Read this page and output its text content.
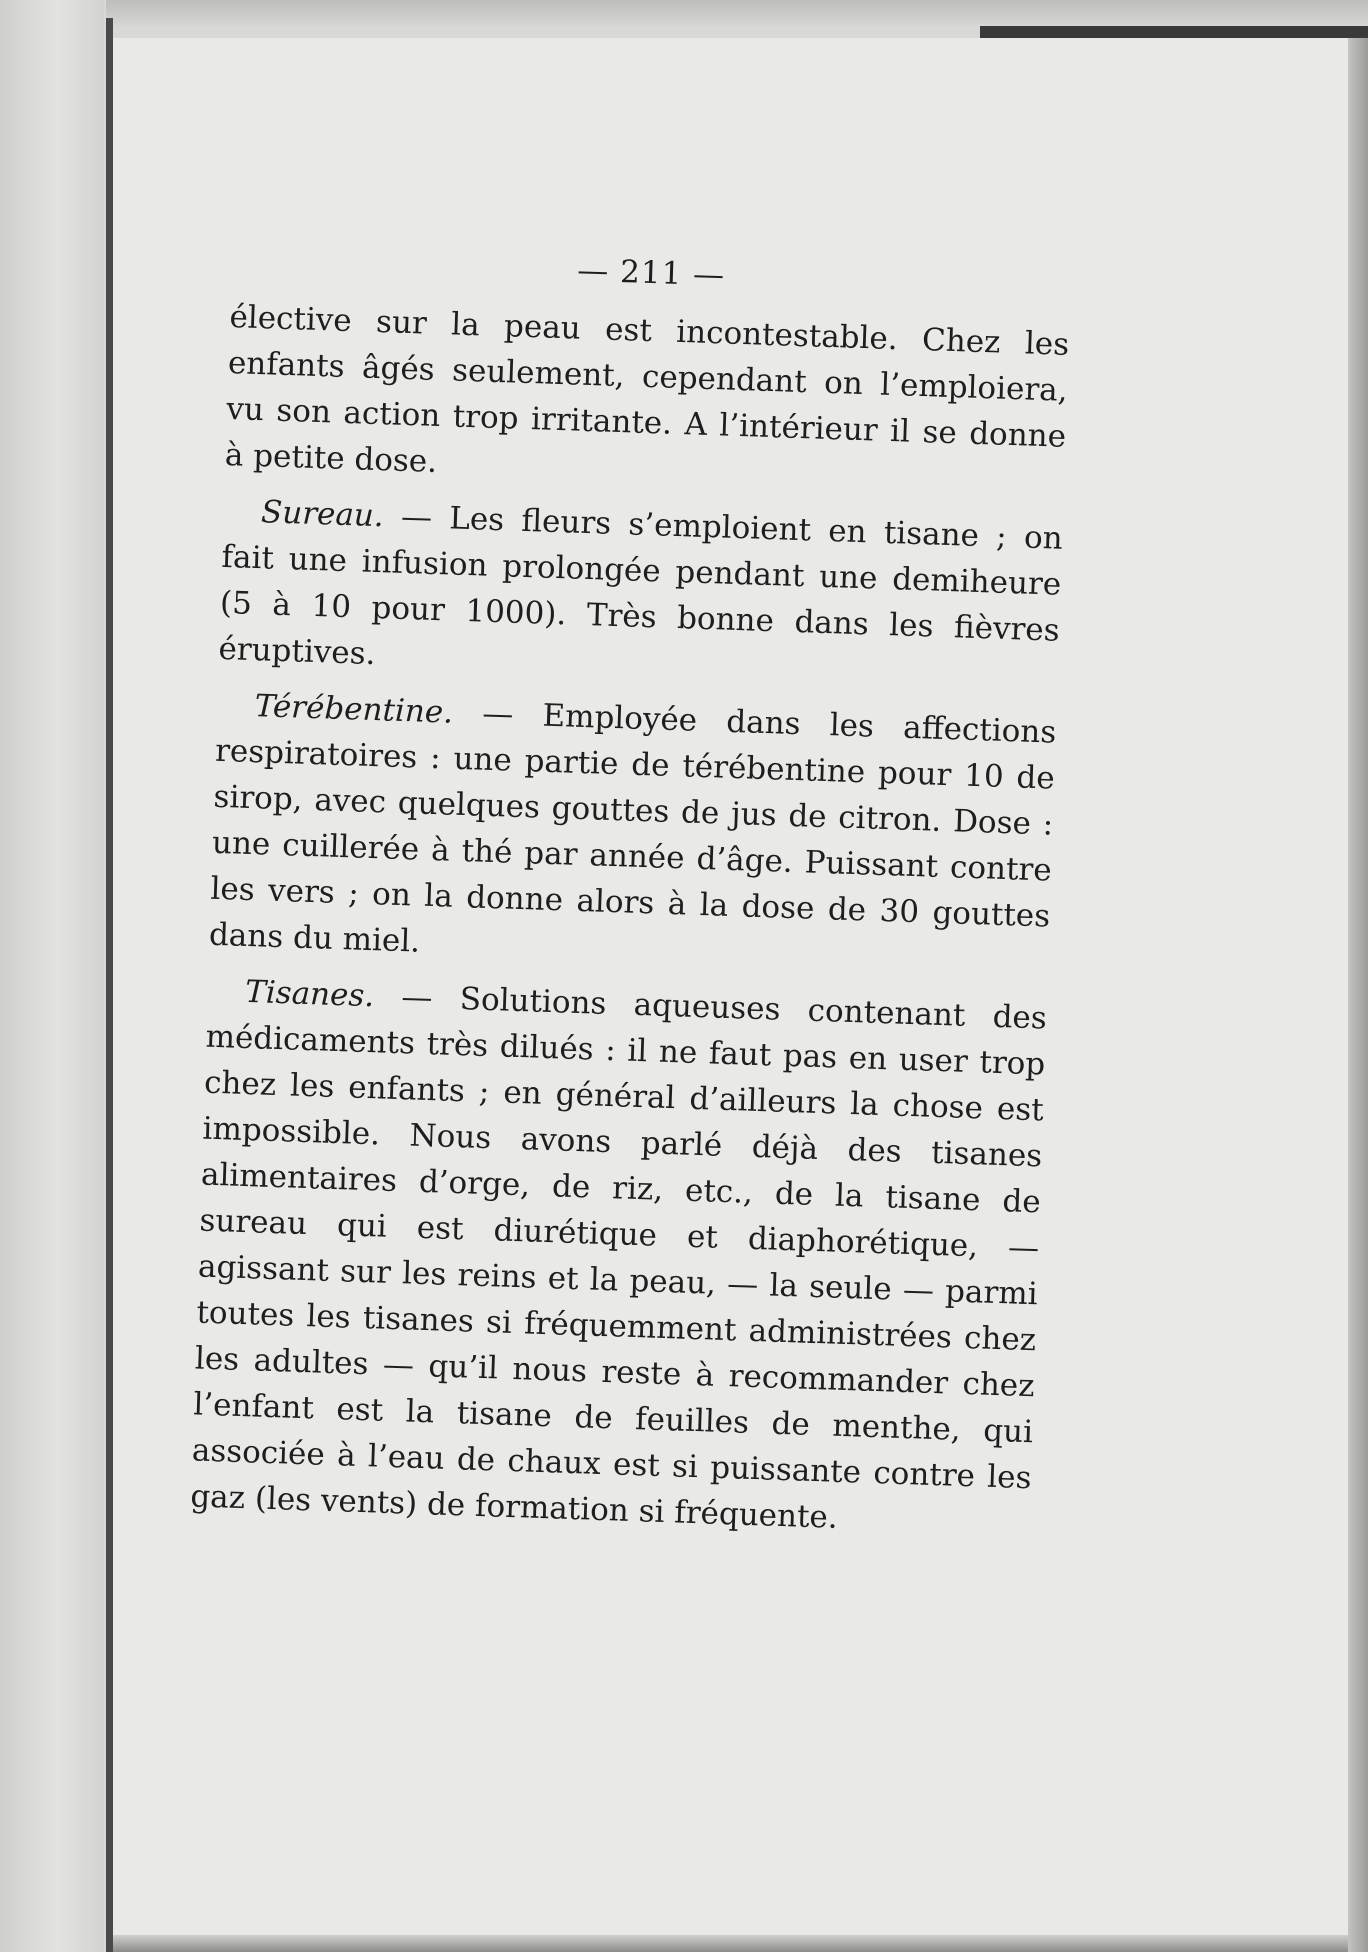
— 211 —

élective sur la peau est incontestable. Chez les enfants âgés seulement, cependant on l’emploiera, vu son action trop irritante. A l’intérieur il se donne à petite dose.

Sureau. — Les fleurs s’emploient en tisane ; on fait une infusion prolongée pendant une demiheure (5 à 10 pour 1000). Très bonne dans les fièvres éruptives.

Térébentine. — Employée dans les affections respiratoires : une partie de térébentine pour 10 de sirop, avec quelques gouttes de jus de citron. Dose : une cuillerée à thé par année d’âge. Puissant contre les vers ; on la donne alors à la dose de 30 gouttes dans du miel.

Tisanes. — Solutions aqueuses contenant des médicaments très dilués : il ne faut pas en user trop chez les enfants ; en général d’ailleurs la chose est impossible. Nous avons parlé déjà des tisanes alimentaires d’orge, de riz, etc., de la tisane de sureau qui est diurétique et diaphorétique, — agissant sur les reins et la peau, — la seule — parmi toutes les tisanes si fréquemment administrées chez les adultes — qu’il nous reste à recommander chez l’enfant est la tisane de feuilles de menthe, qui associée à l’eau de chaux est si puissante contre les gaz (les vents) de formation si fréquente.
